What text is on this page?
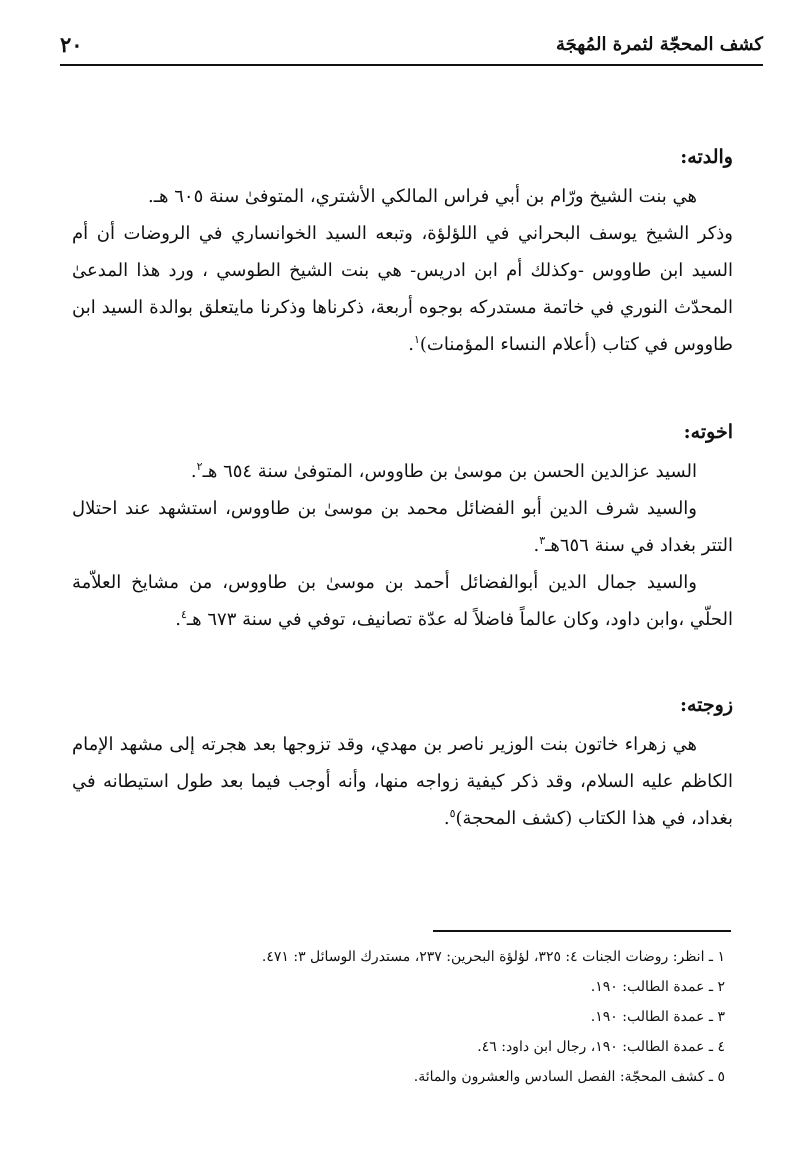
كشف المحجّة لثمرة المُهجَة
٢٠

والدته:

هي بنت الشيخ ورّام بن أبي فراس المالكي الأشتري، المتوفىٰ سنة ٦٠٥ هـ.

وذكر الشيخ يوسف البحراني في اللؤلؤة، وتبعه السيد الخوانساري في الروضات أن أم السيد ابن طاووس -وكذلك أم ابن ادريس- هي بنت الشيخ الطوسي ، ورد هذا المدعىٰ المحدّث النوري في خاتمة مستدركه بوجوه أربعة، ذكرناها وذكرنا مايتعلق بوالدة السيد ابن طاووس في كتاب (أعلام النساء المؤمنات)$^١$.

اخوته:

السيد عزالدين الحسن بن موسىٰ بن طاووس، المتوفىٰ سنة ٦٥٤ هـ$^٢$.

والسيد شرف الدين أبو الفضائل محمد بن موسىٰ بن طاووس، استشهد عند احتلال التتر بغداد في سنة ٦٥٦هـ$^٣$.

والسيد جمال الدين أبوالفضائل أحمد بن موسىٰ بن طاووس، من مشايخ العلاّمة الحلّي ،وابن داود، وكان عالماً فاضلاً له عدّة تصانيف، توفي في سنة ٦٧٣ هـ$^٤$.

زوجته:

هي زهراء خاتون بنت الوزير ناصر بن مهدي، وقد تزوجها بعد هجرته إلى مشهد الإمام الكاظم عليه السلام، وقد ذكر كيفية زواجه منها، وأنه أوجب فيما بعد طول استيطانه في بغداد، في هذا الكتاب (كشف المحجة)$^٥$.

١ ـ انظر: روضات الجنات ٤: ٣٢٥، لؤلؤة البحرين: ٢٣٧، مستدرك الوسائل ٣: ٤٧١.

٢ ـ عمدة الطالب: ١٩٠.

٣ ـ عمدة الطالب: ١٩٠.

٤ ـ عمدة الطالب: ١٩٠، رجال ابن داود: ٤٦.

٥ ـ كشف المحجّة: الفصل السادس والعشرون والمائة.
